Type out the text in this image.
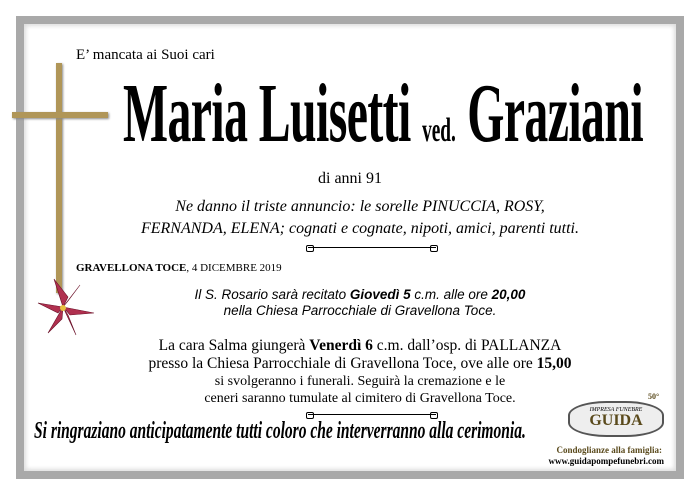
E’ mancata ai Suoi cari
Maria Luisetti ved. Graziani
di anni 91
Ne danno il triste annuncio: le sorelle PINUCCIA, ROSY,
FERNANDA, ELENA; cognati e cognate, nipoti, amici, parenti tutti.
GRAVELLONA TOCE, 4 DICEMBRE 2019
Il S. Rosario sarà recitato Giovedì 5 c.m. alle ore 20,00
nella Chiesa Parrocchiale di Gravellona Toce.
La cara Salma giungerà Venerdì 6 c.m. dall’osp. di PALLANZA
presso la Chiesa Parrocchiale di Gravellona Toce, ove alle ore 15,00
si svolgeranno i funerali. Seguirà la cremazione e le
ceneri saranno tumulate al cimitero di Gravellona Toce.
Si ringraziano anticipatamente tutti coloro che interverranno alla cerimonia.
IMPRESA FUNEBRE
GUIDA
50°
Condoglianze alla famiglia:
www.guidapompefunebri.com
